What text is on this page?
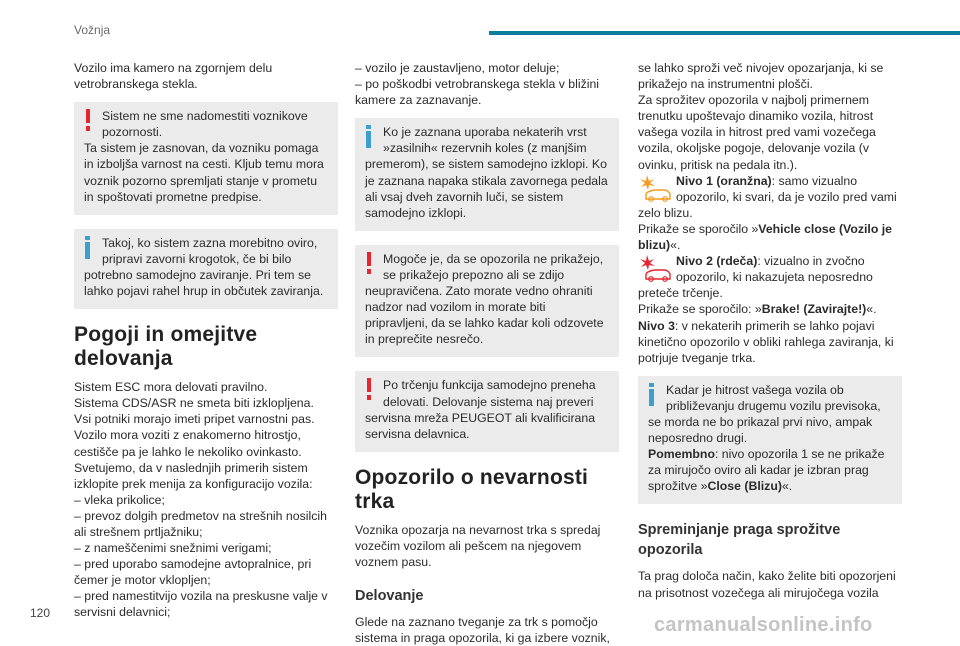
Vožnja

Vozilo ima kamero na zgornjem delu vetrobranskega stekla.

Sistem ne sme nadomestiti voznikove pozornosti.

Ta sistem je zasnovan, da vozniku pomaga in izboljša varnost na cesti. Kljub temu mora voznik pozorno spremljati stanje v prometu in spoštovati prometne predpise.

Takoj, ko sistem zazna morebitno oviro, pripravi zavorni krogotok, če bi bilo

potrebno samodejno zaviranje. Pri tem se lahko pojavi rahel hrup in občutek zaviranja.

Pogoji in omejitve delovanja

Sistem ESC mora delovati pravilno.

Sistema CDS/ASR ne smeta biti izklopljena.

Vsi potniki morajo imeti pripet varnostni pas.

Vozilo mora voziti z enakomerno hitrostjo, cestišče pa je lahko le nekoliko ovinkasto.

Svetujemo, da v naslednjih primerih sistem izklopite prek menija za konfiguracijo vozila:

– vleka prikolice;

– prevoz dolgih predmetov na strešnih nosilcih ali strešnem prtljažniku;

– z nameščenimi snežnimi verigami;

– pred uporabo samodejne avtopralnice, pri čemer je motor vklopljen;

– pred namestitvijo vozila na preskusne valje v servisni delavnici;

– vozilo je zaustavljeno, motor deluje;

– po poškodbi vetrobranskega stekla v bližini kamere za zaznavanje.

Ko je zaznana uporaba nekaterih vrst »zasilnih« rezervnih koles (z manjšim

premerom), se sistem samodejno izklopi. Ko je zaznana napaka stikala zavornega pedala ali vsaj dveh zavornih luči, se sistem samodejno izklopi.

Mogoče je, da se opozorila ne prikažejo, se prikažejo prepozno ali se zdijo

neupravičena. Zato morate vedno ohraniti nadzor nad vozilom in morate biti pripravljeni, da se lahko kadar koli odzovete in preprečite nesrečo.

Po trčenju funkcija samodejno preneha delovati. Delovanje sistema naj preveri

servisna mreža PEUGEOT ali kvalificirana servisna delavnica.

Opozorilo o nevarnosti trka

Voznika opozarja na nevarnost trka s spredaj vozečim vozilom ali pešcem na njegovem voznem pasu.

Delovanje

Glede na zaznano tveganje za trk s pomočjo sistema in praga opozorila, ki ga izbere voznik,

se lahko sproži več nivojev opozarjanja, ki se prikažejo na instrumentni plošči.

Za sprožitev opozorila v najbolj primernem trenutku upoštevajo dinamiko vozila, hitrost vašega vozila in hitrost pred vami vozečega vozila, okoljske pogoje, delovanje vozila (v ovinku, pritisk na pedala itn.).

Nivo 1 (oranžna): samo vizualno opozorilo, ki svari, da je vozilo pred vami zelo blizu.

Prikaže se sporočilo »Vehicle close (Vozilo je blizu)«.

Nivo 2 (rdeča): vizualno in zvočno opozorilo, ki nakazujeta neposredno preteče trčenje.

Prikaže se sporočilo: »Brake! (Zavirajte!)«.

Nivo 3: v nekaterih primerih se lahko pojavi kinetično opozorilo v obliki rahlega zaviranja, ki potrjuje tveganje trka.

Kadar je hitrost vašega vozila ob približevanju drugemu vozilu previsoka,

se morda ne bo prikazal prvi nivo, ampak neposredno drugi.

Pomembno: nivo opozorila 1 se ne prikaže za mirujočo oviro ali kadar je izbran prag sprožitve »Close (Blizu)«.

Spreminjanje praga sprožitve opozorila

Ta prag določa način, kako želite biti opozorjeni na prisotnost vozečega ali mirujočega vozila

120
carmanualsonline.info
